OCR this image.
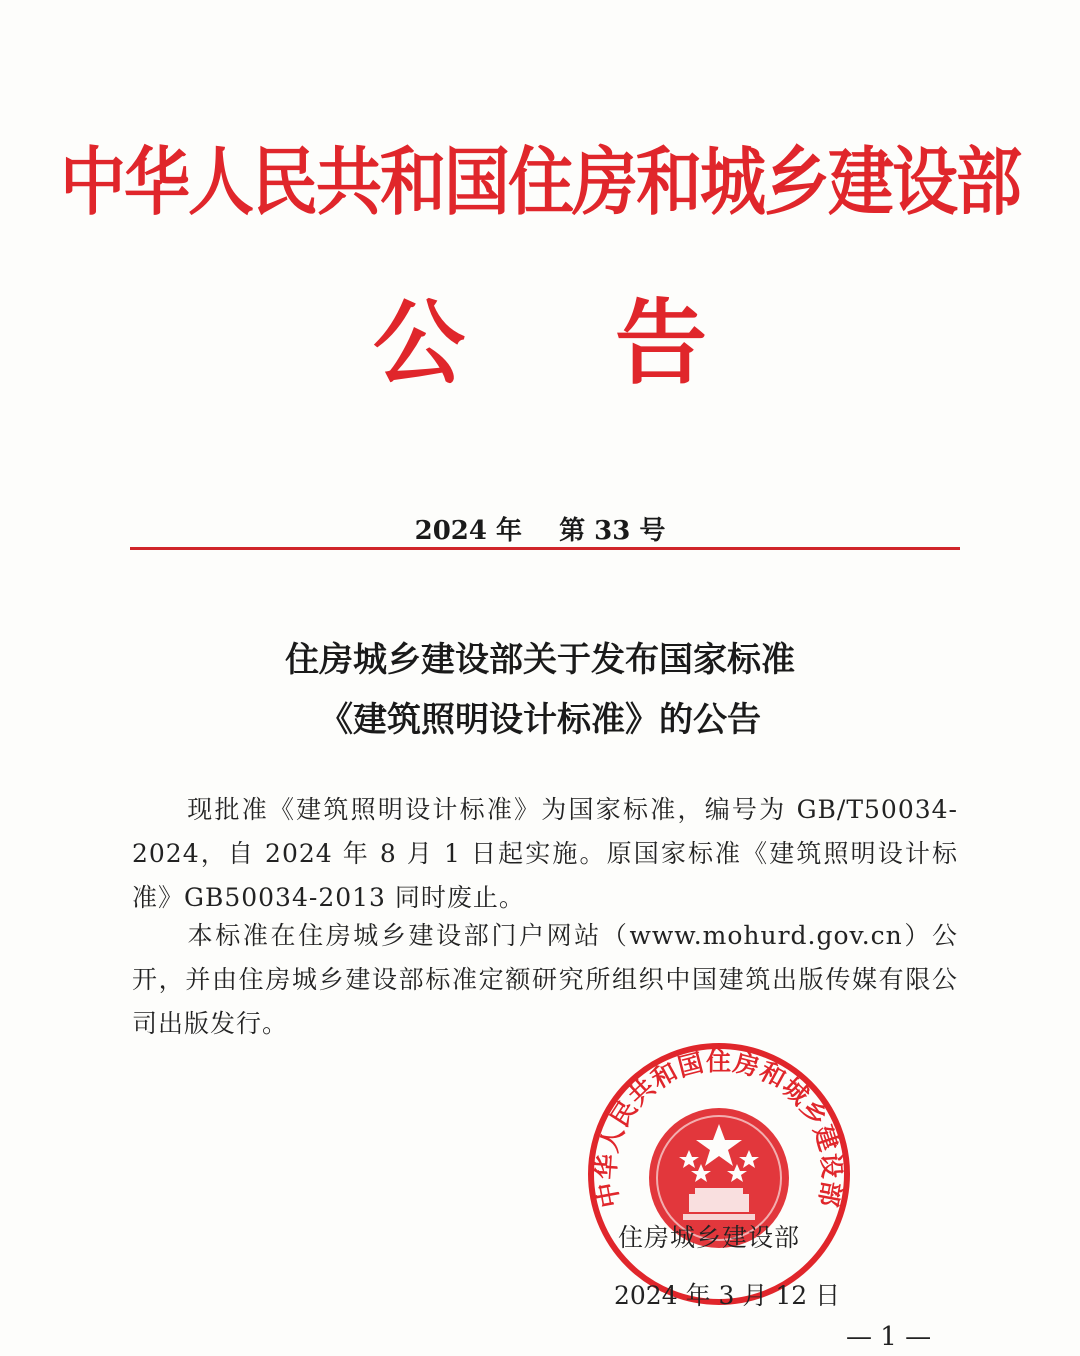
中华人民共和国住房和城乡建设部
公告
2024 年 第 33 号
住房城乡建设部关于发布国家标准
《建筑照明设计标准》的公告
现批准《建筑照明设计标准》为国家标准，编号为 GB/T50034-2024，自 2024 年 8 月 1 日起实施。原国家标准《建筑照明设计标准》GB50034-2013 同时废止。
本标准在住房城乡建设部门户网站（www.mohurd.gov.cn）公开，并由住房城乡建设部标准定额研究所组织中国建筑出版传媒有限公司出版发行。
中华人民共和国住房和城乡建设部
住房城乡建设部
2024 年 3 月 12 日
— 1 —
